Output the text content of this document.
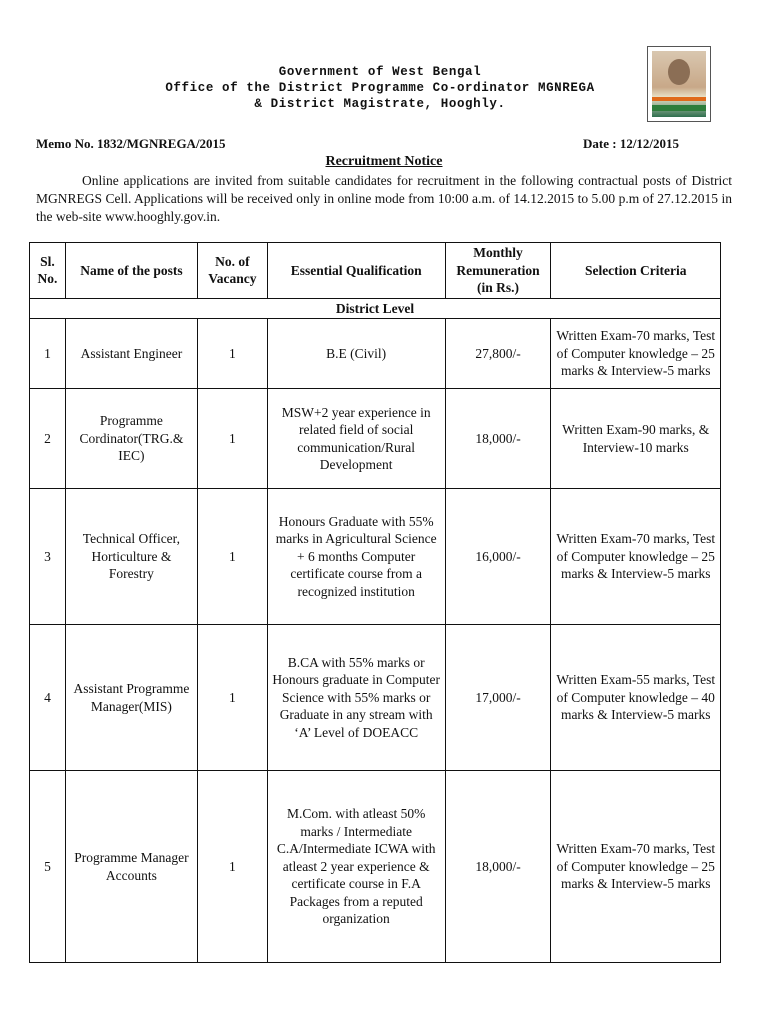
Government of West Bengal
Office of the District Programme Co-ordinator MGNREGA
& District Magistrate, Hooghly.
Memo No. 1832/MGNREGA/2015	Date : 12/12/2015
Recruitment Notice
Online applications are invited from suitable candidates for recruitment in the following contractual posts of District MGNREGS Cell. Applications will be received only in online mode from 10:00 a.m. of 14.12.2015 to 5.00 p.m of 27.12.2015 in the web-site www.hooghly.gov.in.
Sl. No.	Name of the posts	No. of Vacancy	Essential Qualification	Monthly Remuneration (in Rs.)	Selection Criteria
District Level					
1	Assistant Engineer	1	B.E (Civil)	27,800/-	Written Exam-70 marks, Test of Computer knowledge – 25 marks & Interview-5 marks
2	Programme Cordinator(TRG.& IEC)	1	MSW+2 year experience in related field of social communication/Rural Development	18,000/-	Written Exam-90 marks, & Interview-10 marks
3	Technical Officer, Horticulture & Forestry	1	Honours Graduate with 55% marks in Agricultural Science + 6 months Computer certificate course from a recognized institution	16,000/-	Written Exam-70 marks, Test of Computer knowledge – 25 marks & Interview-5 marks
4	Assistant Programme Manager(MIS)	1	B.CA with 55% marks or Honours graduate in Computer Science with 55% marks or Graduate in any stream with ‘A’ Level of DOEACC	17,000/-	Written Exam-55 marks, Test of Computer knowledge – 40 marks & Interview-5 marks
5	Programme Manager Accounts	1	M.Com. with atleast 50% marks / Intermediate C.A/Intermediate ICWA with atleast 2 year experience & certificate course in F.A Packages from a reputed organization	18,000/-	Written Exam-70 marks, Test of Computer knowledge – 25 marks & Interview-5 marks
